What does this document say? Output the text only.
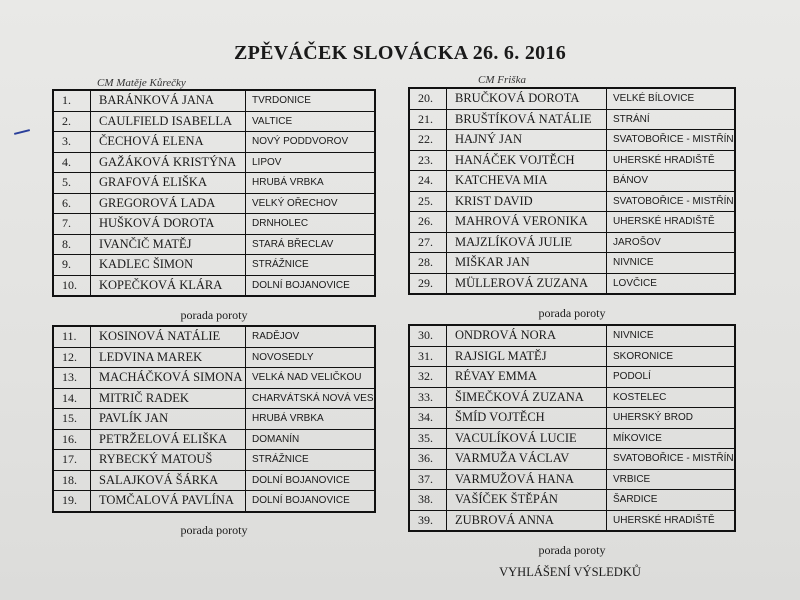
ZPĚVÁČEK SLOVÁCKA 26. 6. 2016
CM Matěje Kůrečky	CM Friška
1.	BARÁNKOVÁ JANA	TVRDONICE
2.	CAULFIELD ISABELLA	VALTICE
3.	ČECHOVÁ ELENA	NOVÝ PODDVOROV
4.	GAŽÁKOVÁ KRISTÝNA	LIPOV
5.	GRAFOVÁ ELIŠKA	HRUBÁ VRBKA
6.	GREGOROVÁ LADA	VELKÝ OŘECHOV
7.	HUŠKOVÁ DOROTA	DRNHOLEC
8.	IVANČIČ MATĚJ	STARÁ BŘECLAV
9.	KADLEC ŠIMON	STRÁŽNICE
10.	KOPEČKOVÁ KLÁRA	DOLNÍ BOJANOVICE
porada poroty
11.	KOSINOVÁ NATÁLIE	RADĚJOV
12.	LEDVINA MAREK	NOVOSEDLY
13.	MACHÁČKOVÁ SIMONA	VELKÁ NAD VELIČKOU
14.	MITRIČ RADEK	CHARVÁTSKÁ NOVÁ VES
15.	PAVLÍK JAN	HRUBÁ VRBKA
16.	PETRŽELOVÁ ELIŠKA	DOMANÍN
17.	RYBECKÝ MATOUŠ	STRÁŽNICE
18.	SALAJKOVÁ ŠÁRKA	DOLNÍ BOJANOVICE
19.	TOMČALOVÁ PAVLÍNA	DOLNÍ BOJANOVICE
porada poroty
20.	BRUČKOVÁ DOROTA	VELKÉ BÍLOVICE
21.	BRUŠTÍKOVÁ NATÁLIE	STRÁNÍ
22.	HAJNÝ JAN	SVATOBOŘICE - MISTŘÍN
23.	HANÁČEK VOJTĚCH	UHERSKÉ HRADIŠTĚ
24.	KATCHEVA MIA	BÁNOV
25.	KRIST DAVID	SVATOBOŘICE - MISTŘÍN
26.	MAHROVÁ VERONIKA	UHERSKÉ HRADIŠTĚ
27.	MAJZLÍKOVÁ JULIE	JAROŠOV
28.	MIŠKAR JAN	NIVNICE
29.	MÜLLEROVÁ ZUZANA	LOVČICE
porada poroty
30.	ONDROVÁ NORA	NIVNICE
31.	RAJSIGL MATĚJ	SKORONICE
32.	RÉVAY EMMA	PODOLÍ
33.	ŠIMEČKOVÁ ZUZANA	KOSTELEC
34.	ŠMÍD VOJTĚCH	UHERSKÝ BROD
35.	VACULÍKOVÁ LUCIE	MÍKOVICE
36.	VARMUŽA VÁCLAV	SVATOBOŘICE - MISTŘÍN
37.	VARMUŽOVÁ HANA	VRBICE
38.	VAŠÍČEK ŠTĚPÁN	ŠARDICE
39.	ZUBROVÁ ANNA	UHERSKÉ HRADIŠTĚ
porada poroty
VYHLÁŠENÍ VÝSLEDKŮ
